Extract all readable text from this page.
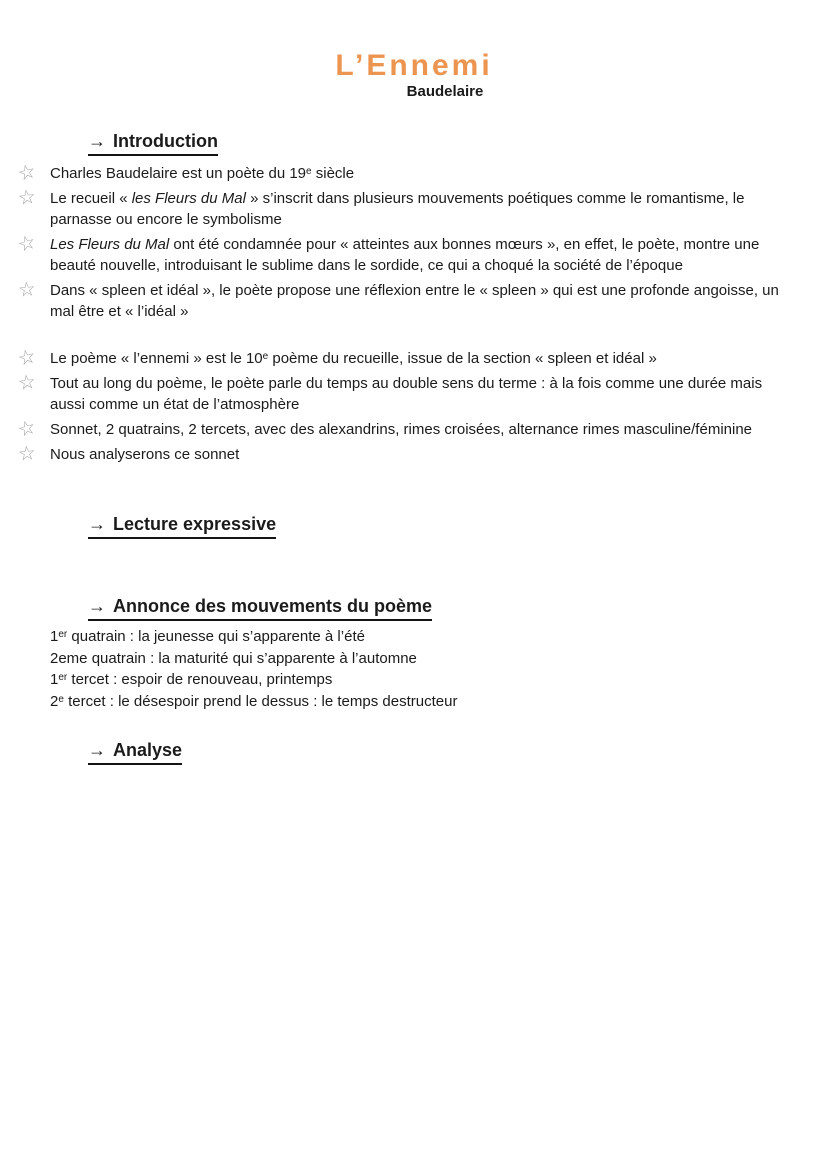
L’Ennemi
Baudelaire
→ Introduction
☆ Charles Baudelaire est un poète du 19e siècle
☆ Le recueil « les Fleurs du Mal » s’inscrit dans plusieurs mouvements poétiques comme le romantisme, le parnasse ou encore le symbolisme
☆ Les Fleurs du Mal ont été condamnée pour « atteintes aux bonnes mœurs », en effet, le poète, montre une beauté nouvelle, introduisant le sublime dans le sordide, ce qui a choqué la société de l’époque
☆ Dans « spleen et idéal », le poète propose une réflexion entre le « spleen » qui est une profonde angoisse, un mal être et « l’idéal »
☆ Le poème « l’ennemi » est le 10e poème du recueille, issue de la section « spleen et idéal »
☆ Tout au long du poème, le poète parle du temps au double sens du terme : à la fois comme une durée mais aussi comme un état de l’atmosphère
☆ Sonnet, 2 quatrains, 2 tercets, avec des alexandrins, rimes croisées, alternance rimes masculine/féminine
☆ Nous analyserons ce sonnet
→ Lecture expressive
→ Annonce des mouvements du poème
1er quatrain : la jeunesse qui s’apparente à l’été
2eme quatrain : la maturité qui s’apparente à l’automne
1er tercet : espoir de renouveau, printemps
2e tercet : le désespoir prend le dessus : le temps destructeur
→ Analyse
